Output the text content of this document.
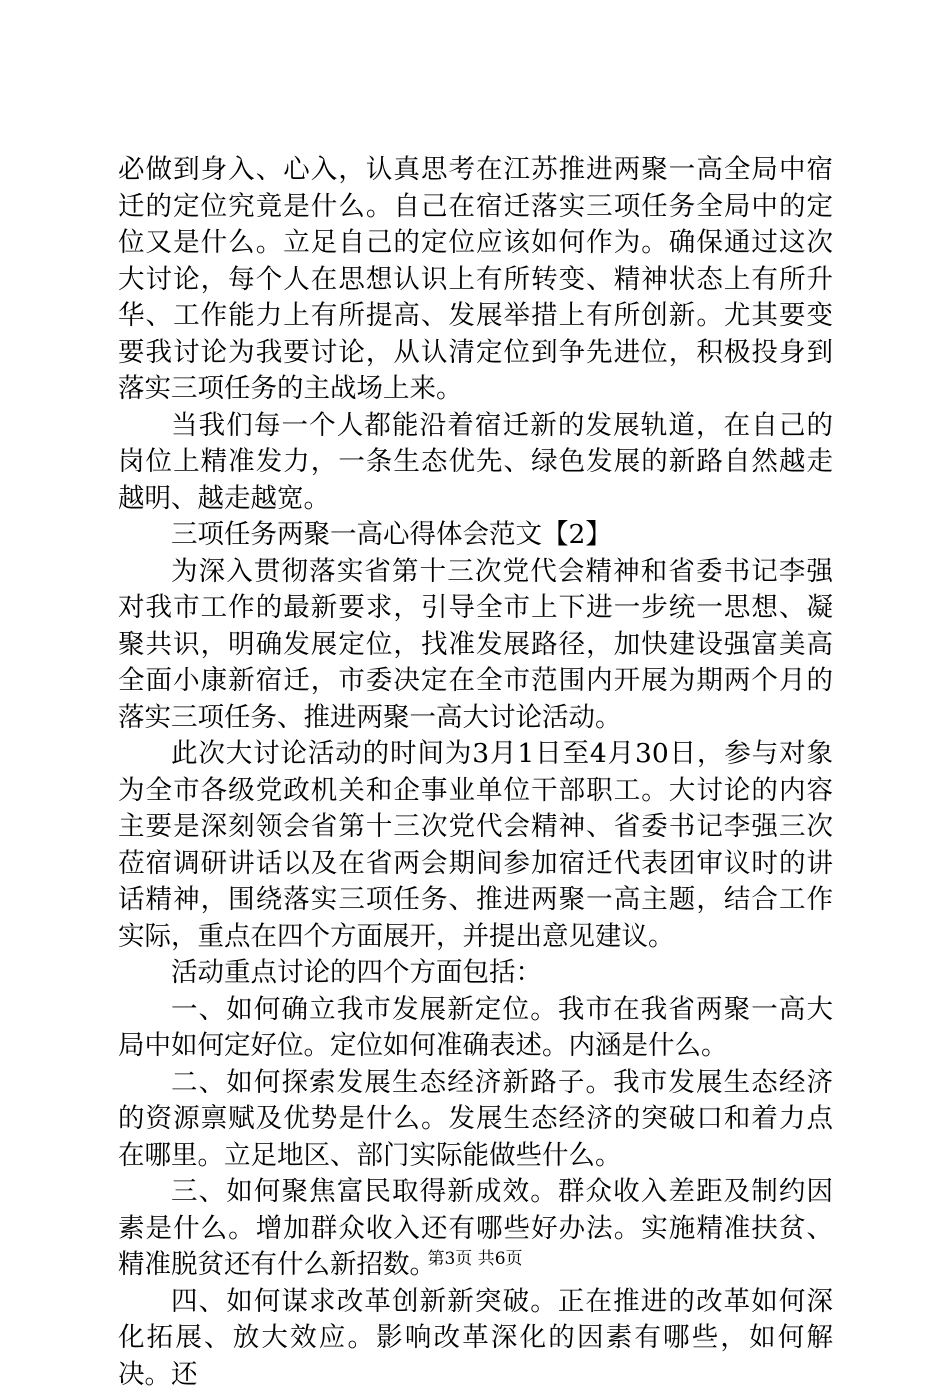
必做到身入、心入，认真思考在江苏推进两聚一高全局中宿迁的定位究竟是什么。自己在宿迁落实三项任务全局中的定位又是什么。立足自己的定位应该如何作为。确保通过这次大讨论，每个人在思想认识上有所转变、精神状态上有所升华、工作能力上有所提高、发展举措上有所创新。尤其要变要我讨论为我要讨论，从认清定位到争先进位，积极投身到落实三项任务的主战场上来。

当我们每一个人都能沿着宿迁新的发展轨道，在自己的岗位上精准发力，一条生态优先、绿色发展的新路自然越走越明、越走越宽。

三项任务两聚一高心得体会范文【2】

为深入贯彻落实省第十三次党代会精神和省委书记李强对我市工作的最新要求，引导全市上下进一步统一思想、凝聚共识，明确发展定位，找准发展路径，加快建设强富美高全面小康新宿迁，市委决定在全市范围内开展为期两个月的落实三项任务、推进两聚一高大讨论活动。

此次大讨论活动的时间为3月1日至4月30日，参与对象为全市各级党政机关和企事业单位干部职工。大讨论的内容主要是深刻领会省第十三次党代会精神、省委书记李强三次莅宿调研讲话以及在省两会期间参加宿迁代表团审议时的讲话精神，围绕落实三项任务、推进两聚一高主题，结合工作实际，重点在四个方面展开，并提出意见建议。

活动重点讨论的四个方面包括：

一、如何确立我市发展新定位。我市在我省两聚一高大局中如何定好位。定位如何准确表述。内涵是什么。

二、如何探索发展生态经济新路子。我市发展生态经济的资源禀赋及优势是什么。发展生态经济的突破口和着力点在哪里。立足地区、部门实际能做些什么。

三、如何聚焦富民取得新成效。群众收入差距及制约因素是什么。增加群众收入还有哪些好办法。实施精准扶贫、精准脱贫还有什么新招数。

四、如何谋求改革创新新突破。正在推进的改革如何深化拓展、放大效应。影响改革深化的因素有哪些，如何解决。还

第3页 共6页
